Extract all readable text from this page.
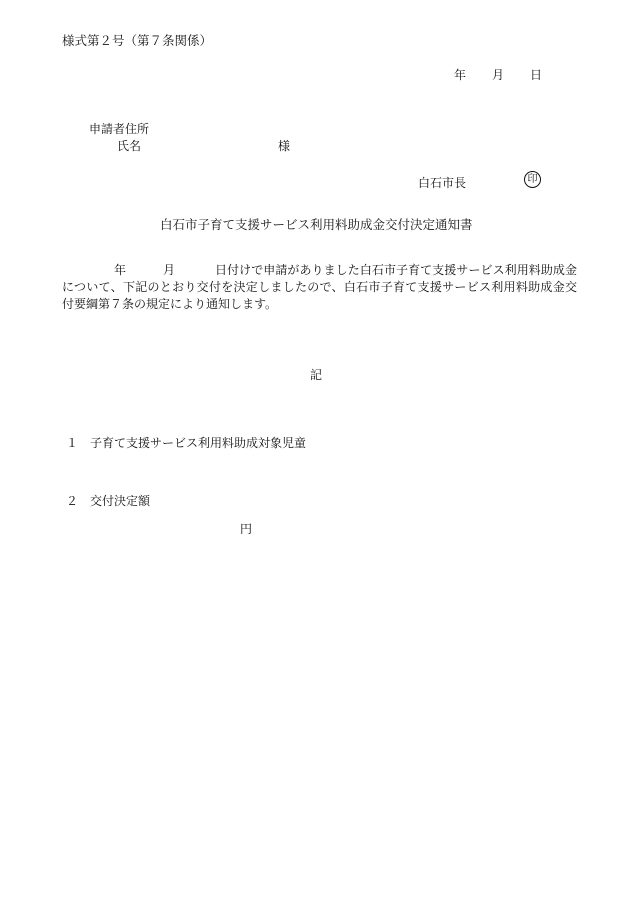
様式第２号（第７条関係）
年 月 日
申請者住所
氏名	様
白石市長	印
白石市子育て支援サービス利用料助成金交付決定通知書
年	月	日付けで申請がありました白石市子育て支援サービス利用料助成金について、下記のとおり交付を決定しましたので、白石市子育て支援サービス利用料助成金交付要綱第７条の規定により通知します。
記
１　子育て支援サービス利用料助成対象児童
２　交付決定額
円
